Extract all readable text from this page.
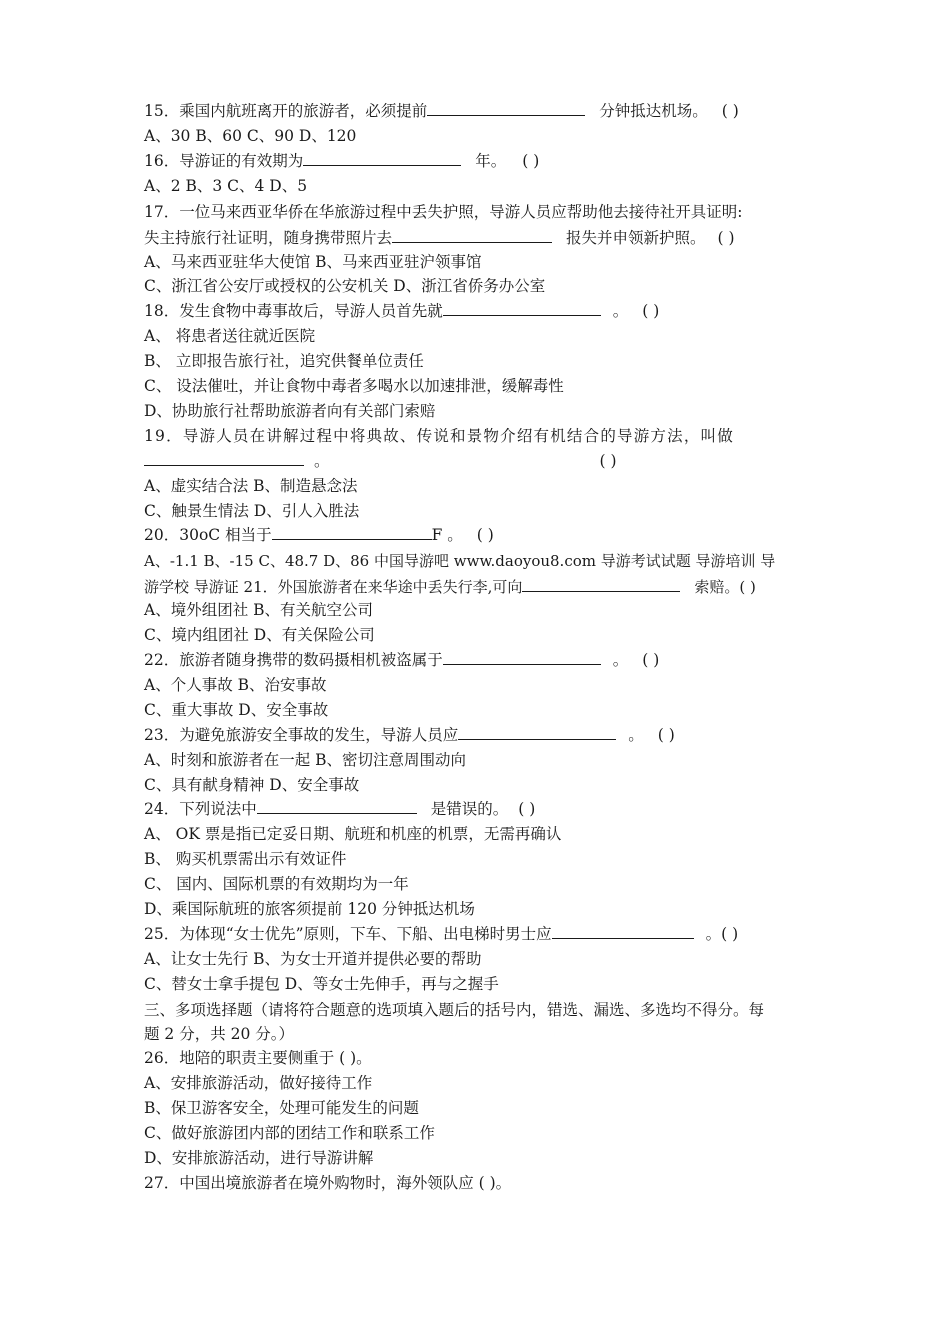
15．乘国内航班离开的旅游者，必须提前	分钟抵达机场。 ( )
A、30 B、60 C、90 D、120
16．导游证的有效期为	年。 ( )
A、2 B、3 C、4 D、5
17．一位马来西亚华侨在华旅游过程中丢失护照，导游人员应帮助他去接待社开具证明:
失主持旅行社证明，随身携带照片去	报失并申领新护照。 ( )
A、马来西亚驻华大使馆 B、马来西亚驻沪领事馆
C、浙江省公安厅或授权的公安机关 D、浙江省侨务办公室
18．发生食物中毒事故后，导游人员首先就	。 ( )
A、 将患者送往就近医院
B、 立即报告旅行社，追究供餐单位责任
C、 设法催吐，并让食物中毒者多喝水以加速排泄，缓解毒性
D、协助旅行社帮助旅游者向有关部门索赔
19．导游人员在讲解过程中将典故、传说和景物介绍有机结合的导游方法，叫做
。	( )
A、虚实结合法 B、制造悬念法
C、触景生情法 D、引人入胜法
20．30oC 相当于	F 。 ( )
A、-1.1 B、-15 C、48.7 D、86 中国导游吧 www.daoyou8.com 导游考试试题 导游培训 导
游学校 导游证 21．外国旅游者在来华途中丢失行李,可向	索赔。( )
A、境外组团社 B、有关航空公司
C、境内组团社 D、有关保险公司
22．旅游者随身携带的数码摄相机被盗属于	。 ( )
A、个人事故 B、治安事故
C、重大事故 D、安全事故
23．为避免旅游安全事故的发生，导游人员应	。 ( )
A、时刻和旅游者在一起 B、密切注意周围动向
C、具有献身精神 D、安全事故
24．下列说法中	是错误的。 ( )
A、 OK 票是指已定妥日期、航班和机座的机票，无需再确认
B、 购买机票需出示有效证件
C、 国内、国际机票的有效期均为一年
D、乘国际航班的旅客须提前 120 分钟抵达机场
25．为体现“女士优先”原则，下车、下船、出电梯时男士应	。( )
A、让女士先行 B、为女士开道并提供必要的帮助
C、替女士拿手提包 D、等女士先伸手，再与之握手
三、多项选择题（请将符合题意的选项填入题后的括号内，错选、漏选、多选均不得分。每
题 2 分，共 20 分。）
26．地陪的职责主要侧重于 ( )。
A、安排旅游活动，做好接待工作
B、保卫游客安全，处理可能发生的问题
C、做好旅游团内部的团结工作和联系工作
D、安排旅游活动，进行导游讲解
27．中国出境旅游者在境外购物时，海外领队应 ( )。
